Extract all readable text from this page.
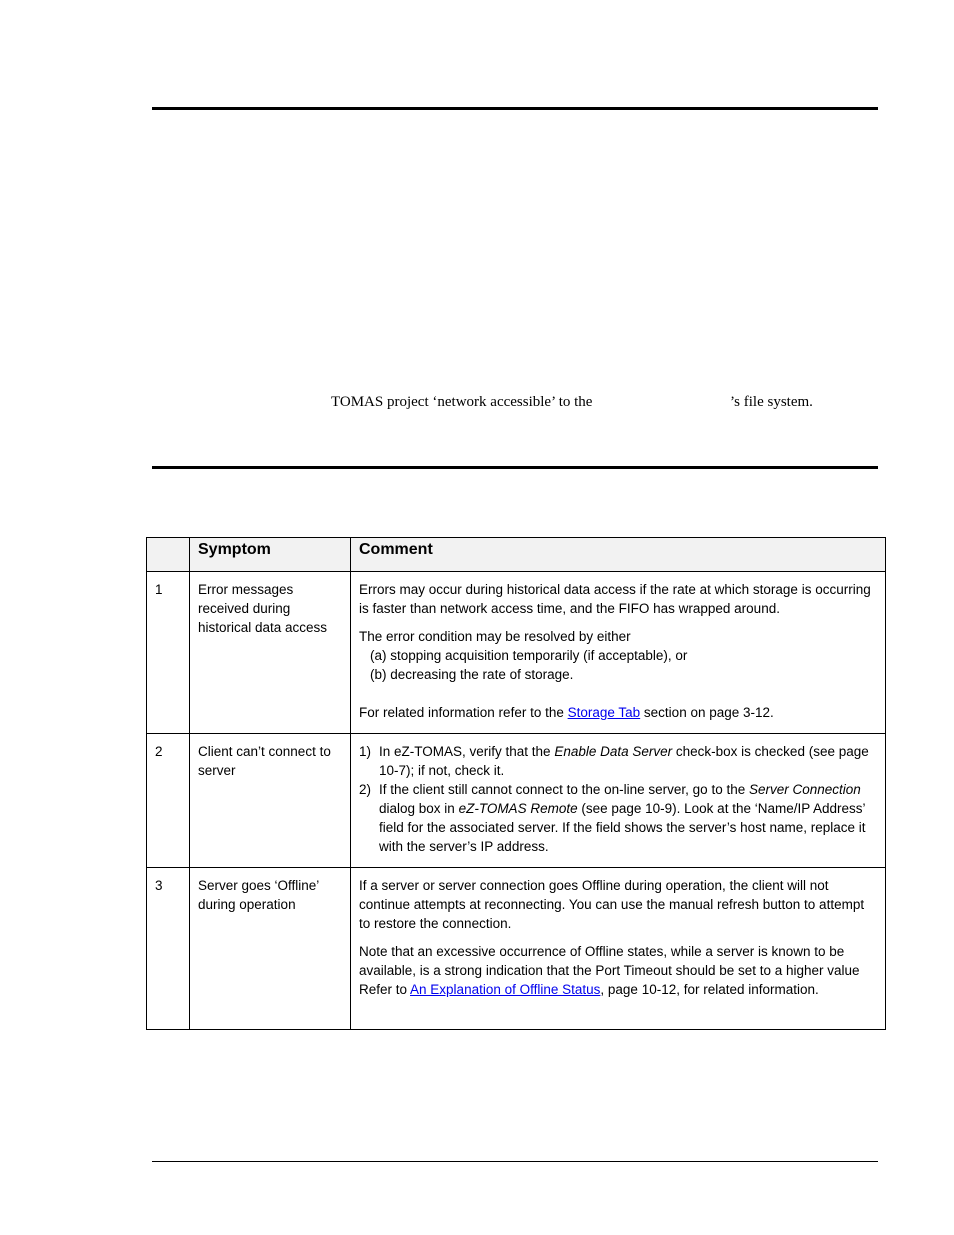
TOMAS project ‘network accessible’ to the	’s file system.
	Symptom	Comment
1	Error messages received during historical data access	Errors may occur during historical data access if the rate at which storage is occurring is faster than network access time, and the FIFO has wrapped around.

The error condition may be resolved by either

(a) stopping acquisition temporarily (if acceptable), or

(b) decreasing the rate of storage.

For related information refer to the Storage Tab section on page 3-12.

2	Client can’t connect to server	1) In eZ-TOMAS, verify that the Enable Data Server check-box is checked (see page 10-7); if not, check it.
2) If the client still cannot connect to the on-line server, go to the Server Connection dialog box in eZ-TOMAS Remote (see page 10-9). Look at the ‘Name/IP Address’ field for the associated server. If the field shows the server’s host name, replace it with the server’s IP address.

3	Server goes ‘Offline’ during operation	If a server or server connection goes Offline during operation, the client will not continue attempts at reconnecting. You can use the manual refresh button to attempt to restore the connection.

Note that an excessive occurrence of Offline states, while a server is known to be available, is a strong indication that the Port Timeout should be set to a higher value Refer to An Explanation of Offline Status, page 10-12, for related information.
